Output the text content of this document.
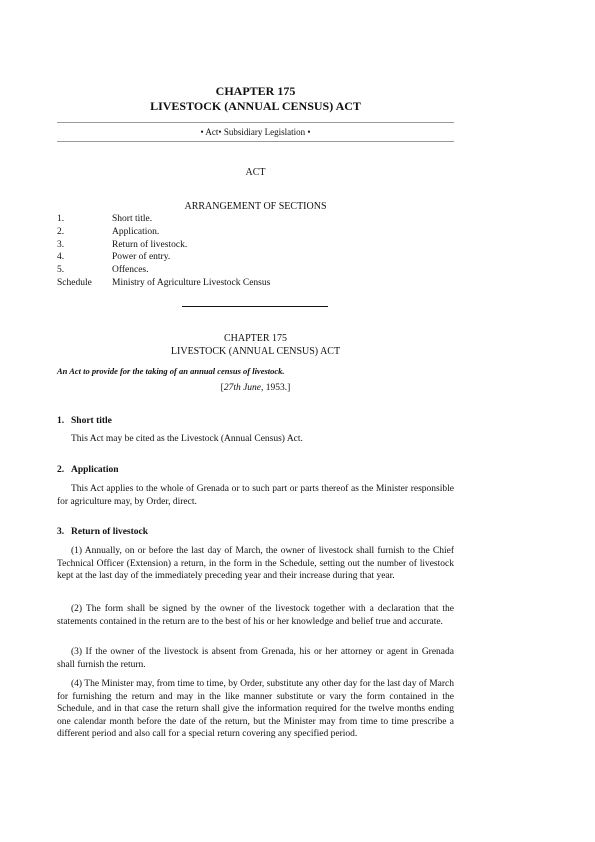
CHAPTER 175
LIVESTOCK (ANNUAL CENSUS) ACT
• Act• Subsidiary Legislation •
ACT
ARRANGEMENT OF SECTIONS
1.	Short title.
2.	Application.
3.	Return of livestock.
4.	Power of entry.
5.	Offences.
Schedule	Ministry of Agriculture Livestock Census
CHAPTER 175
LIVESTOCK (ANNUAL CENSUS) ACT
An Act to provide for the taking of an annual census of livestock.
[27th June, 1953.]
1. Short title
This Act may be cited as the Livestock (Annual Census) Act.
2. Application
This Act applies to the whole of Grenada or to such part or parts thereof as the Minister responsible for agriculture may, by Order, direct.
3. Return of livestock
(1) Annually, on or before the last day of March, the owner of livestock shall furnish to the Chief Technical Officer (Extension) a return, in the form in the Schedule, setting out the number of livestock kept at the last day of the immediately preceding year and their increase during that year.
(2) The form shall be signed by the owner of the livestock together with a declaration that the statements contained in the return are to the best of his or her knowledge and belief true and accurate.
(3) If the owner of the livestock is absent from Grenada, his or her attorney or agent in Grenada shall furnish the return.
(4) The Minister may, from time to time, by Order, substitute any other day for the last day of March for furnishing the return and may in the like manner substitute or vary the form contained in the Schedule, and in that case the return shall give the information required for the twelve months ending one calendar month before the date of the return, but the Minister may from time to time prescribe a different period and also call for a special return covering any specified period.
